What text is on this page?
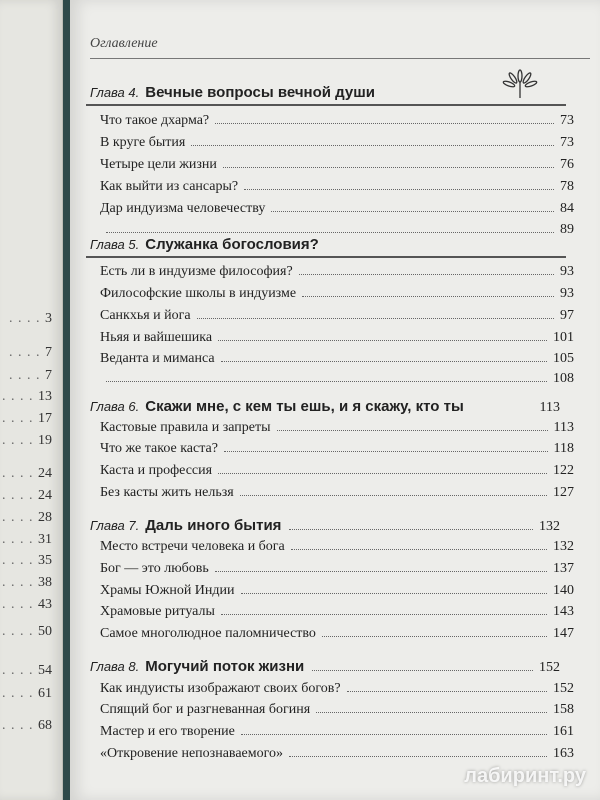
. . . . 3
. . . . 7
. . . . 7
. . . . 13
. . . . 17
. . . . 19
. . . . 24
. . . . 24
. . . . 28
. . . . 31
. . . . 35
. . . . 38
. . . . 43
. . . . 50
. . . . 54
. . . . 61
. . . . 68
Оглавление
Глава 4. Вечные вопросы вечной души
Что такое дхарма?	73
В круге бытия	73
Четыре цели жизни	76
Как выйти из сансары?	78
Дар индуизма человечеству	84
89
Глава 5. Служанка богословия?
Есть ли в индуизме философия?	93
Философские школы в индуизме	93
Санкхья и йога	97
Ньяя и вайшешика	101
Веданта и миманса	105
108
Глава 6. Скажи мне, с кем ты ешь, и я скажу, кто ты	113
Кастовые правила и запреты	113
Что же такое каста?	118
Каста и профессия	122
Без касты жить нельзя	127
Глава 7. Даль иного бытия	132
Место встречи человека и бога	132
Бог — это любовь	137
Храмы Южной Индии	140
Храмовые ритуалы	143
Самое многолюдное паломничество	147
Глава 8. Могучий поток жизни	152
Как индуисты изображают своих богов?	152
Спящий бог и разгневанная богиня	158
Мастер и его творение	161
«Откровение непознаваемого»	163
лабиринт.ру
